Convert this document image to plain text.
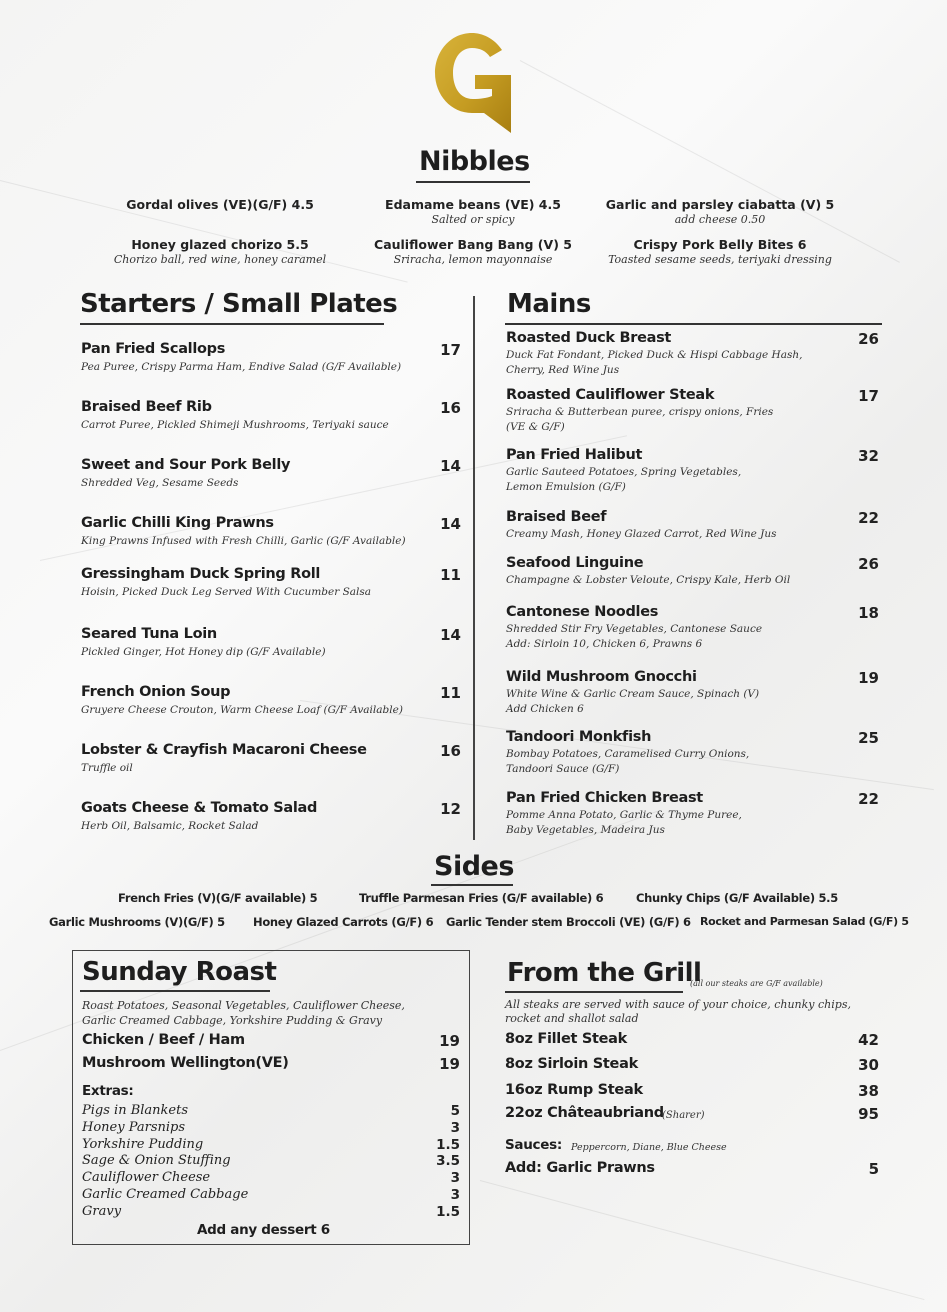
Nibbles
Gordal olives (VE)(G/F) 4.5	Edamame beans (VE) 4.5
Salted or spicy
Garlic and parsley ciabatta (V) 5
add cheese 0.50
Honey glazed chorizo 5.5
Chorizo ball, red wine, honey caramel
Cauliflower Bang Bang (V) 5
Sriracha, lemon mayonnaise
Crispy Pork Belly Bites 6
Toasted sesame seeds, teriyaki dressing
Starters / Small Plates
Pan Fried Scallops
Pea Puree, Crispy Parma Ham, Endive Salad (G/F Available)
17
Braised Beef Rib
Carrot Puree, Pickled Shimeji Mushrooms, Teriyaki sauce
16
Sweet and Sour Pork Belly
Shredded Veg, Sesame Seeds
14
Garlic Chilli King Prawns
King Prawns Infused with Fresh Chilli, Garlic (G/F Available)
14
Gressingham Duck Spring Roll
Hoisin, Picked Duck Leg Served With Cucumber Salsa
11
Seared Tuna Loin
Pickled Ginger, Hot Honey dip (G/F Available)
14
French Onion Soup
Gruyere Cheese Crouton, Warm Cheese Loaf (G/F Available)
11
Lobster & Crayfish Macaroni Cheese
Truffle oil
16
Goats Cheese & Tomato Salad
Herb Oil, Balsamic, Rocket Salad
12
Mains
Roasted Duck Breast
Duck Fat Fondant, Picked Duck & Hispi Cabbage Hash,
Cherry, Red Wine Jus
26
Roasted Cauliflower Steak
Sriracha & Butterbean puree, crispy onions, Fries
(VE & G/F)
17
Pan Fried Halibut
Garlic Sauteed Potatoes, Spring Vegetables,
Lemon Emulsion (G/F)
32
Braised Beef
Creamy Mash, Honey Glazed Carrot, Red Wine Jus
22
Seafood Linguine
Champagne & Lobster Veloute, Crispy Kale, Herb Oil
26
Cantonese Noodles
Shredded Stir Fry Vegetables, Cantonese Sauce
Add: Sirloin 10, Chicken 6, Prawns 6
18
Wild Mushroom Gnocchi
White Wine & Garlic Cream Sauce, Spinach (V)
Add Chicken 6
19
Tandoori Monkfish
Bombay Potatoes, Caramelised Curry Onions,
Tandoori Sauce (G/F)
25
Pan Fried Chicken Breast
Pomme Anna Potato, Garlic & Thyme Puree,
Baby Vegetables, Madeira Jus
22
Sides
French Fries (V)(G/F available) 5	Truffle Parmesan Fries (G/F available) 6	Chunky Chips (G/F Available) 5.5
Garlic Mushrooms (V)(G/F) 5 Honey Glazed Carrots (G/F) 6 Garlic Tender stem Broccoli (VE) (G/F) 6 Rocket and Parmesan Salad (G/F) 5
Sunday Roast
Roast Potatoes, Seasonal Vegetables, Cauliflower Cheese,
Garlic Creamed Cabbage, Yorkshire Pudding & Gravy
Chicken / Beef / Ham	19
Mushroom Wellington(VE)	19
Extras:
Pigs in Blankets	5
Honey Parsnips	3
Yorkshire Pudding	1.5
Sage & Onion Stuffing	3.5
Cauliflower Cheese	3
Garlic Creamed Cabbage	3
Gravy	1.5
Add any dessert 6
From the Grill
(all our steaks are G/F available)
All steaks are served with sauce of your choice, chunky chips,
rocket and shallot salad
8oz Fillet Steak	42
8oz Sirloin Steak	30
16oz Rump Steak	38
22oz Châteaubriand
(Sharer)	95
Sauces: Peppercorn, Diane, Blue Cheese
Add: Garlic Prawns	5
